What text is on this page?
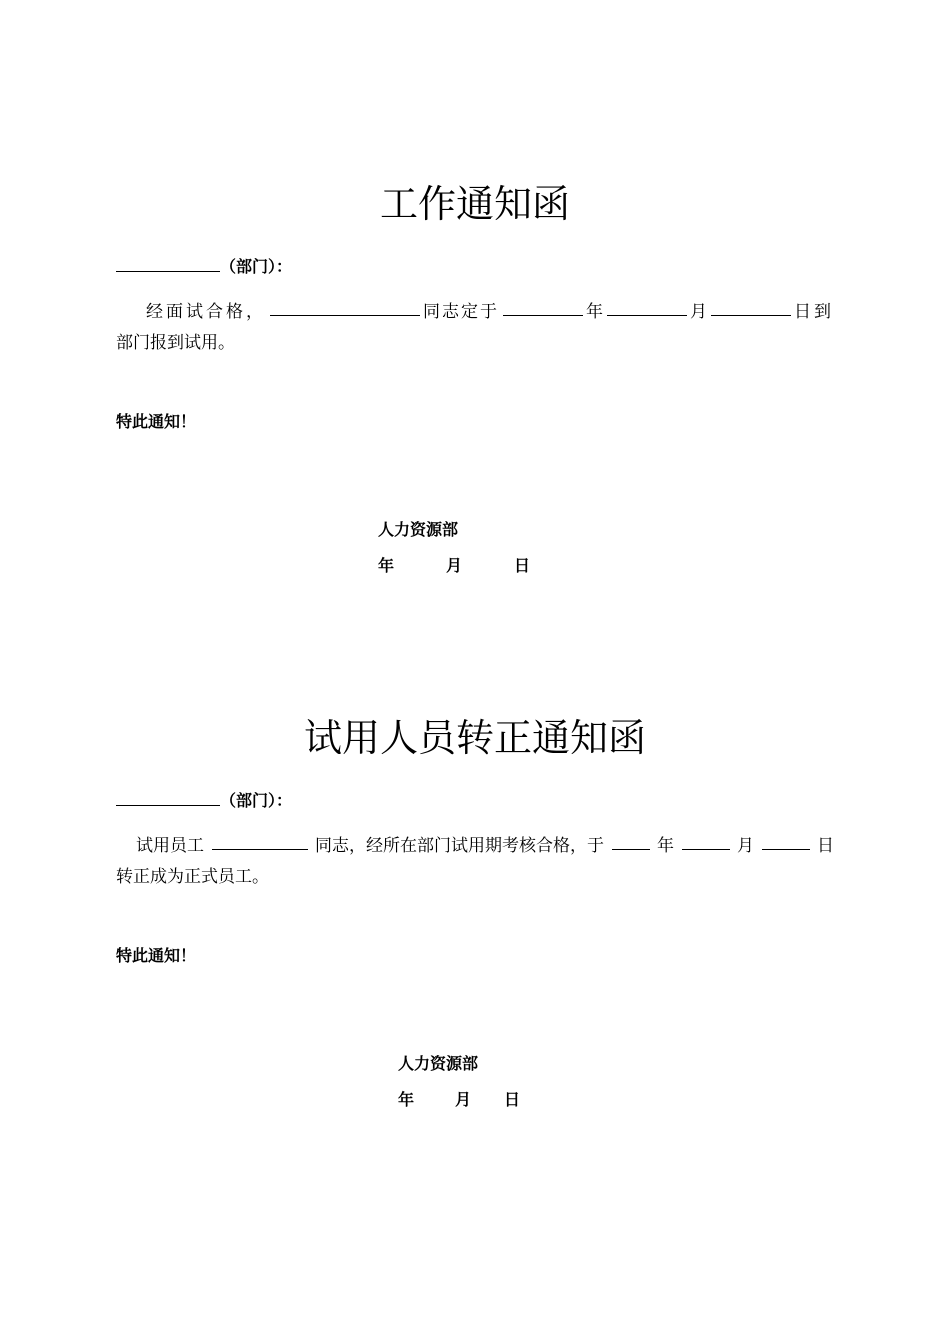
工作通知函
（部门）：
经面试合格，	同志定于	年	月	日到
部门报到试用。
特此通知！
人力资源部
年	月	日
试用人员转正通知函
（部门）：
试用员工	同志，经所在部门试用期考核合格，于	年	月	日
转正成为正式员工。
特此通知！
人力资源部
年	月 日
